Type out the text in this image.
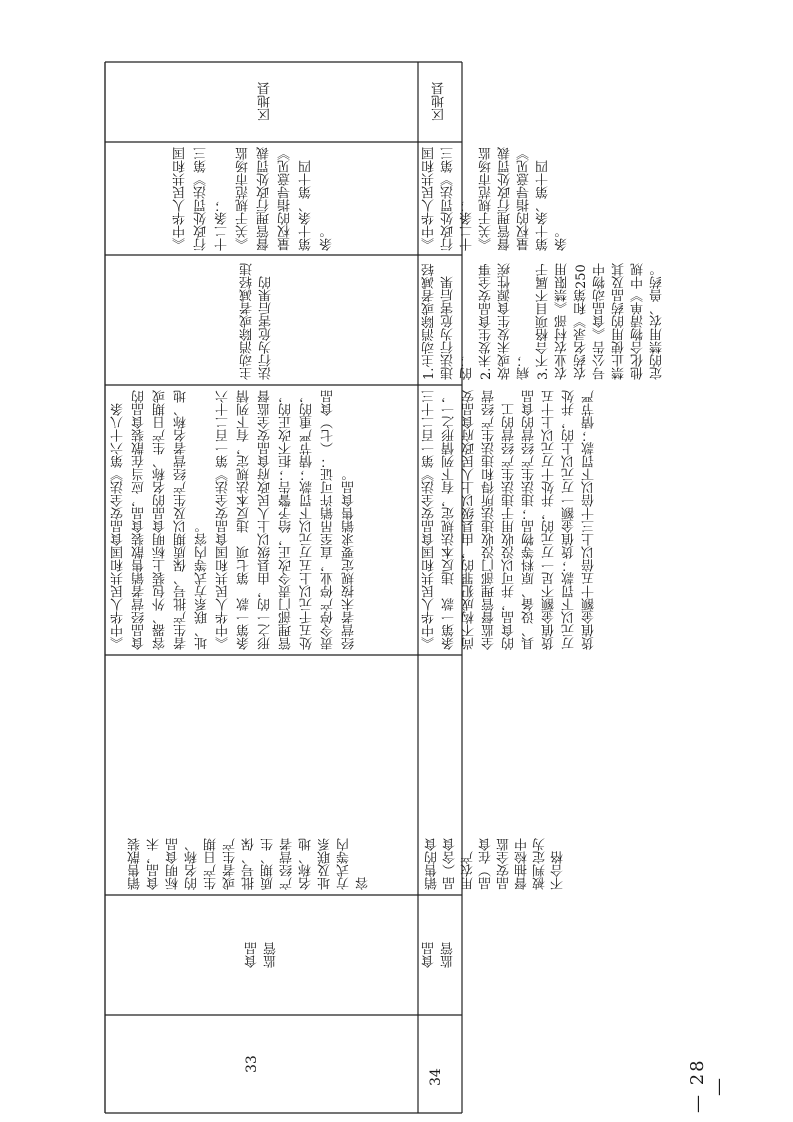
33
食品
监管
销售散装
食品，未
标明食品
的名称、
生产日期
或者生产
批号、保
质期、生
产经营者
名称、地
址及联系
方式等内
容
《中华人民共和国食品安全法》第六十八条　食品经营者销售散装食品，应当在散装食品的容器、外包装上标明食品的名称、生产日期或者生产批号、保质期以及生产经营者名称、地址、联系方式等内容。
《中华人民共和国食品安全法》第一百二十六条第一款　第七项　违反本法规定，有下列情形之一的，由县级以上人民政府食品安全监督管理部门责令改正，给予警告；拒不改正的，处五千元以上五万元以下罚款；情节严重的，责令停产停业，直至吊销许可证：（七）食品经营者未按规定要求销售食品。
主动消除或者减轻违法行为危害后果的
《中华人民共和国行政处罚法》第三十二条；
《关于规范市场监督管理行政处罚裁量权的指导意见》第十条、第十四条。
区地县
34
食品
监管
销售的食
品（含食
用农产
品）在食
品安全监
督抽检中
被判定为
不合格
《中华人民共和国食品安全法》第一百二十三条第一款　违反本法规定，有下列情形之一，尚不构成犯罪的，由县级以上人民政府食品安全监督管理部门没收违法所得和违法生产经营的食品，并可以没收用于违法生产经营的工具、设备、原料等物品；违法生产经营的食品货值金额不足一万元的，并处十万元以上十五万元以下罚款；货值金额一万元以上的，并处货值金额十五倍以上三十倍以下罚款；情节严
1.主动消除或者减轻违法行为危害后果的；
2.未发生食品安全事故或未发生食源性疾病；
3.不合格项目不属于农业农村部《禁限用农药名录》和第250号公告《食品动物中禁止使用的药品及其他化合物清单》中规定的禁用农、兽药。
《中华人民共和国行政处罚法》第三十二条；
《关于规范市场监督管理行政处罚裁量权的指导意见》第十条、第十四条。
区地县
— 28 —
